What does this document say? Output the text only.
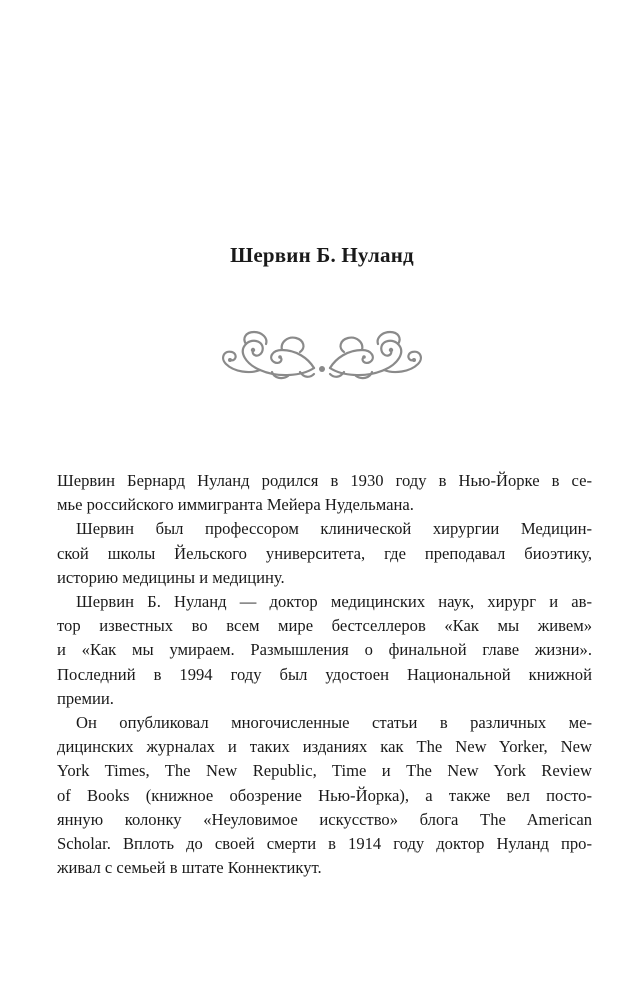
Шервин Б. Нуланд
Шервин Бернард Нуланд родился в 1930 году в Нью-Йорке в се-
мье российского иммигранта Мейера Нудельмана.
Шервин был профессором клинической хирургии Медицин-
ской школы Йельского университета, где преподавал биоэтику,
историю медицины и медицину.
Шервин Б. Нуланд — доктор медицинских наук, хирург и ав-
тор известных во всем мире бестселлеров «Как мы живем»
и «Как мы умираем. Размышления о финальной главе жизни».
Последний в 1994 году был удостоен Национальной книжной
премии.
Он опубликовал многочисленные статьи в различных ме-
дицинских журналах и таких изданиях как The New Yorker, New
York Times, The New Republic, Time и The New York Review
of Books (книжное обозрение Нью-Йорка), а также вел посто-
янную колонку «Неуловимое искусство» блога The American
Scholar. Вплоть до своей смерти в 1914 году доктор Нуланд про-
живал с семьей в штате Коннектикут.
